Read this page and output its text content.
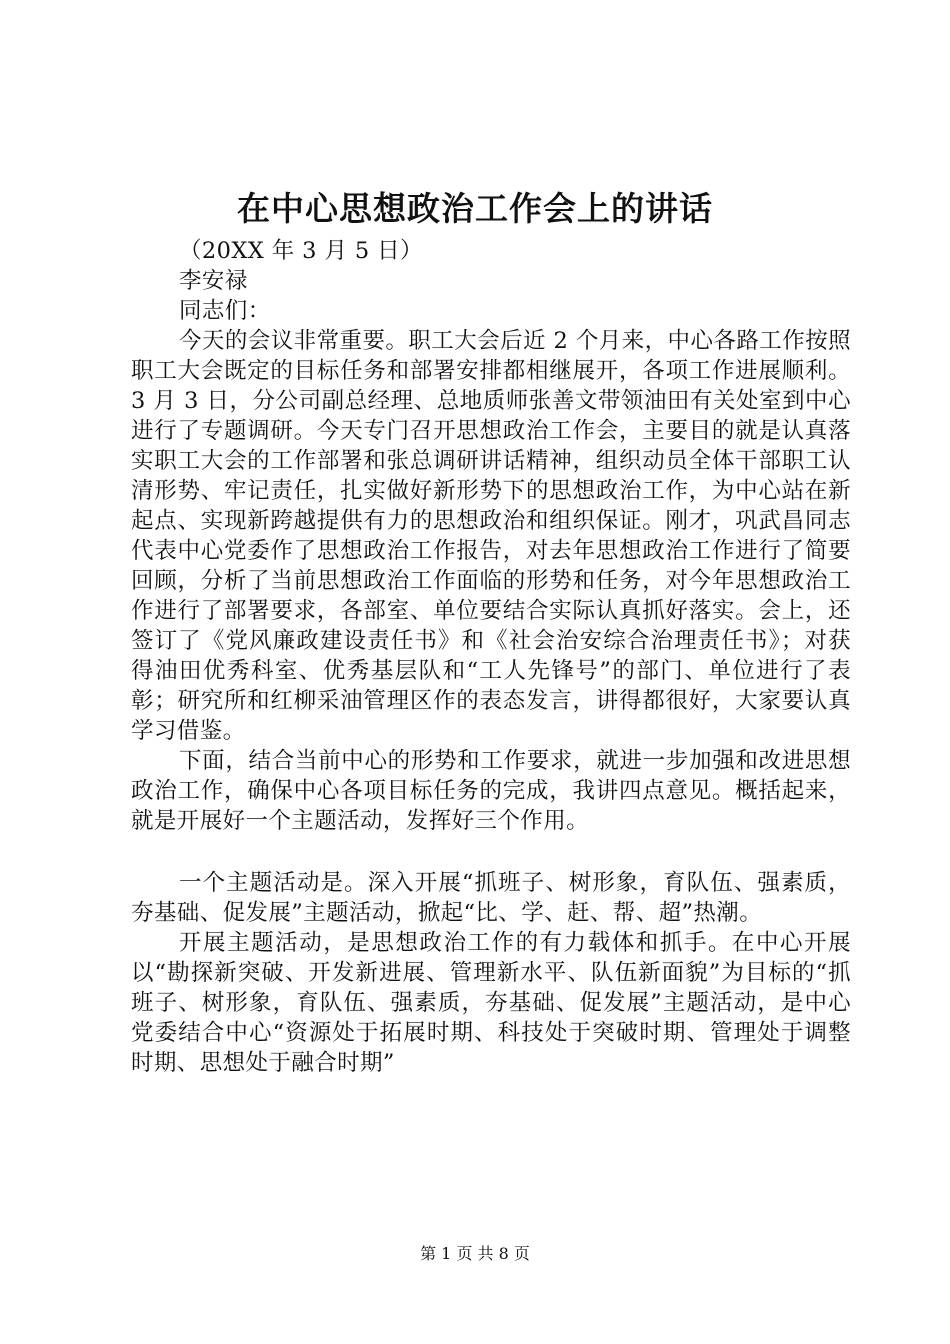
在中心思想政治工作会上的讲话
（20XX 年 3 月 5 日）
李安禄
同志们：

今天的会议非常重要。职工大会后近 2 个月来，中心各路工作按照职工大会既定的目标任务和部署安排都相继展开，各项工作进展顺利。3 月 3 日，分公司副总经理、总地质师张善文带领油田有关处室到中心进行了专题调研。今天专门召开思想政治工作会，主要目的就是认真落实职工大会的工作部署和张总调研讲话精神，组织动员全体干部职工认清形势、牢记责任，扎实做好新形势下的思想政治工作，为中心站在新起点、实现新跨越提供有力的思想政治和组织保证。刚才，巩武昌同志代表中心党委作了思想政治工作报告，对去年思想政治工作进行了简要回顾，分析了当前思想政治工作面临的形势和任务，对今年思想政治工作进行了部署要求，各部室、单位要结合实际认真抓好落实。会上，还签订了《党风廉政建设责任书》和《社会治安综合治理责任书》；对获得油田优秀科室、优秀基层队和“工人先锋号”的部门、单位进行了表彰；研究所和红柳采油管理区作的表态发言，讲得都很好，大家要认真学习借鉴。

下面，结合当前中心的形势和工作要求，就进一步加强和改进思想政治工作，确保中心各项目标任务的完成，我讲四点意见。概括起来，就是开展好一个主题活动，发挥好三个作用。

一个主题活动是。深入开展“抓班子、树形象，育队伍、强素质，夯基础、促发展”主题活动，掀起“比、学、赶、帮、超”热潮。

开展主题活动，是思想政治工作的有力载体和抓手。在中心开展以“勘探新突破、开发新进展、管理新水平、队伍新面貌”为目标的“抓班子、树形象，育队伍、强素质，夯基础、促发展”主题活动，是中心党委结合中心“资源处于拓展时期、科技处于突破时期、管理处于调整时期、思想处于融合时期”

第 1 页 共 8 页
